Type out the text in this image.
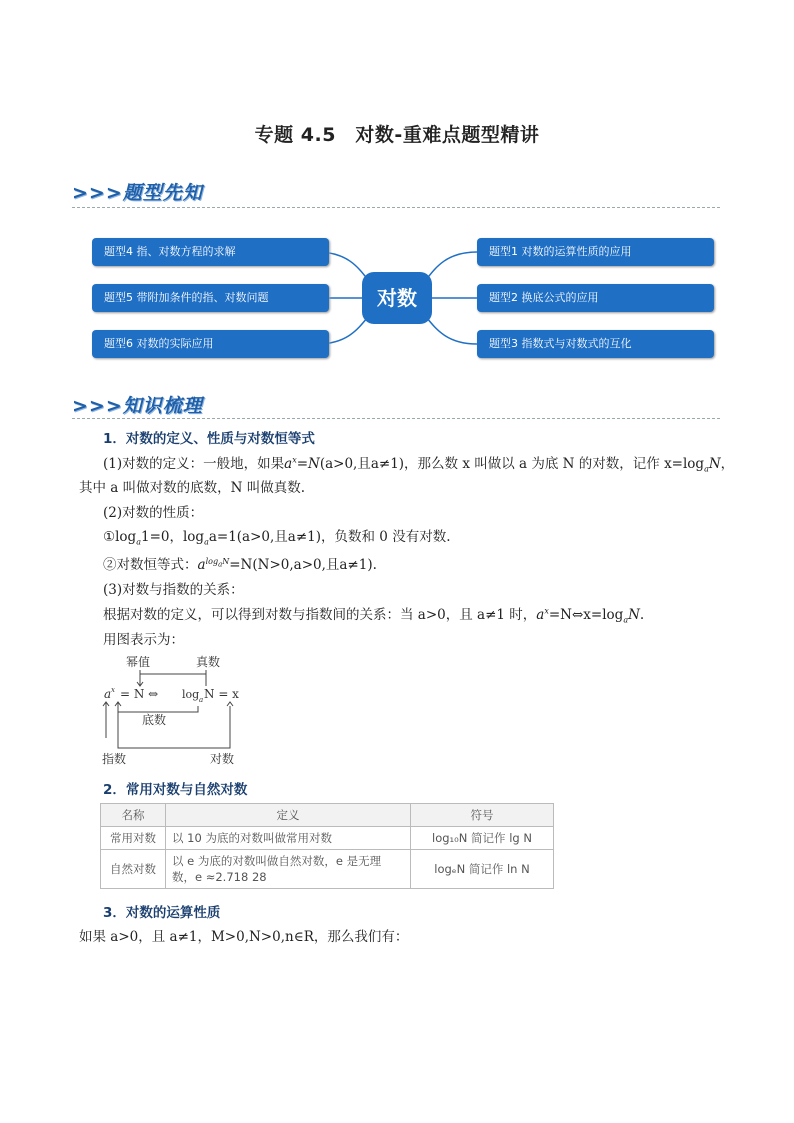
专题 4.5　对数-重难点题型精讲
>>>题型先知
题型4 指、对数方程的求解
题型5 带附加条件的指、对数问题
题型6 对数的实际应用
题型1 对数的运算性质的应用
题型2 换底公式的应用
题型3 指数式与对数式的互化
对数
>>>知识梳理
1．对数的定义、性质与对数恒等式
(1)对数的定义：一般地，如果$a^x=N(a>0$,且a≠1)，那么数 x 叫做以 a 为底 N 的对数，记作 $x=\log_aN$，
其中 a 叫做对数的底数，N 叫做真数.
(2)对数的性质：
$①\log_a1=0$，$\log_aa=1(a>0$,且a≠1)，负数和 0 没有对数.
②对数恒等式：$a^{log_aN}=N(N>0,a>0$,且a≠1).
(3)对数与指数的关系：
根据对数的定义，可以得到对数与指数间的关系：当 a>0，且 a≠1 时，$a^x=N\Leftrightarrow x=\log_aN$.
用图表示为：
幂值	真数
a x = N ⇔ log a N = x
底数
指数	对数
2．常用对数与自然对数
名称	定义	符号
常用对数	以 10 为底的对数叫做常用对数	log₁₀N 简记作 lg N
自然对数	以 e 为底的对数叫做自然对数，e 是无理数，e ≈2.718 28	logₑN 简记作 ln N
3．对数的运算性质
如果 a>0，且 a≠1，M>0,N>0,n∈R，那么我们有：
